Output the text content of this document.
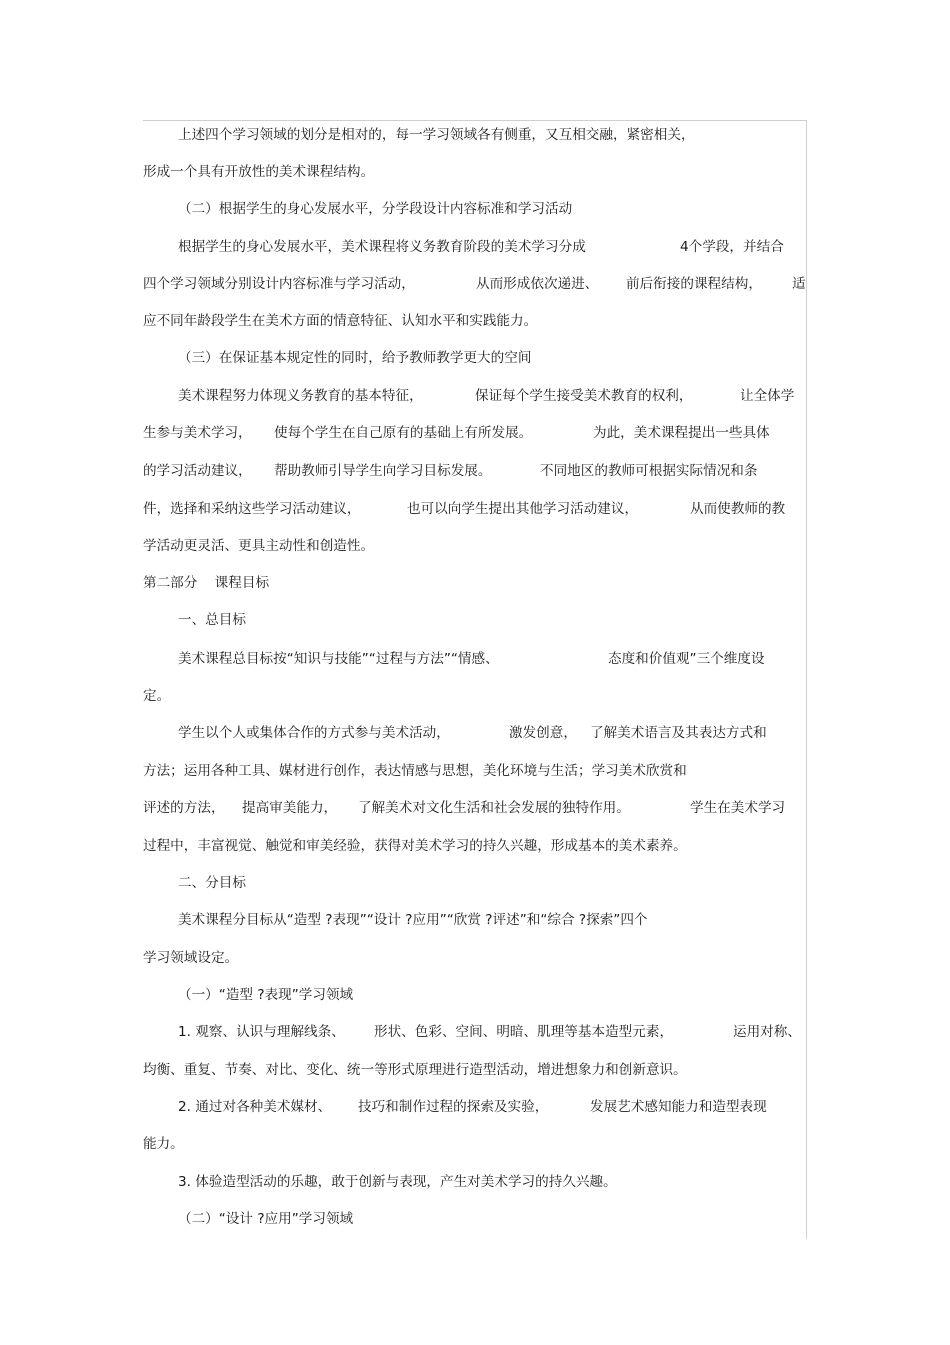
上述四个学习领域的划分是相对的，每一学习领域各有侧重，又互相交融，紧密相关，
形成一个具有开放性的美术课程结构。
（二）根据学生的身心发展水平，分学段设计内容标准和学习活动
根据学生的身心发展水平，美术课程将义务教育阶段的美术学习分成	4个学段，并结合
四个学习领域分别设计内容标准与学习活动，	从而形成依次递进、 前后衔接的课程结构， 适
应不同年龄段学生在美术方面的情意特征、认知水平和实践能力。
（三）在保证基本规定性的同时，给予教师教学更大的空间
美术课程努力体现义务教育的基本特征，	保证每个学生接受美术教育的权利，	让全体学
生参与美术学习， 使每个学生在自己原有的基础上有所发展。	为此，美术课程提出一些具体
的学习活动建议， 帮助教师引导学生向学习目标发展。	不同地区的教师可根据实际情况和条
件，选择和采纳这些学习活动建议，	也可以向学生提出其他学习活动建议，	从而使教师的教
学活动更灵活、更具主动性和创造性。
第二部分    课程目标
一、总目标
美术课程总目标按“知识与技能”“过程与方法”“情感、	态度和价值观”三个维度设
定。
学生以个人或集体合作的方式参与美术活动，	激发创意， 了解美术语言及其表达方式和
方法；运用各种工具、媒材进行创作，表达情感与思想，美化环境与生活；学习美术欣赏和
评述的方法， 提高审美能力， 了解美术对文化生活和社会发展的独特作用。	学生在美术学习
过程中，丰富视觉、触觉和审美经验，获得对美术学习的持久兴趣，形成基本的美术素养。
二、分目标
美术课程分目标从“造型 ?表现”“设计 ?应用”“欣赏 ?评述”和“综合 ?探索”四个
学习领域设定。
（一）“造型 ?表现”学习领域
1. 观察、认识与理解线条、 形状、色彩、空间、明暗、肌理等基本造型元素，	运用对称、
均衡、重复、节奏、对比、变化、统一等形式原理进行造型活动，增进想象力和创新意识。
2. 通过对各种美术媒材、 技巧和制作过程的探索及实验，	发展艺术感知能力和造型表现
能力。
3. 体验造型活动的乐趣，敢于创新与表现，产生对美术学习的持久兴趣。
（二）“设计 ?应用”学习领域
